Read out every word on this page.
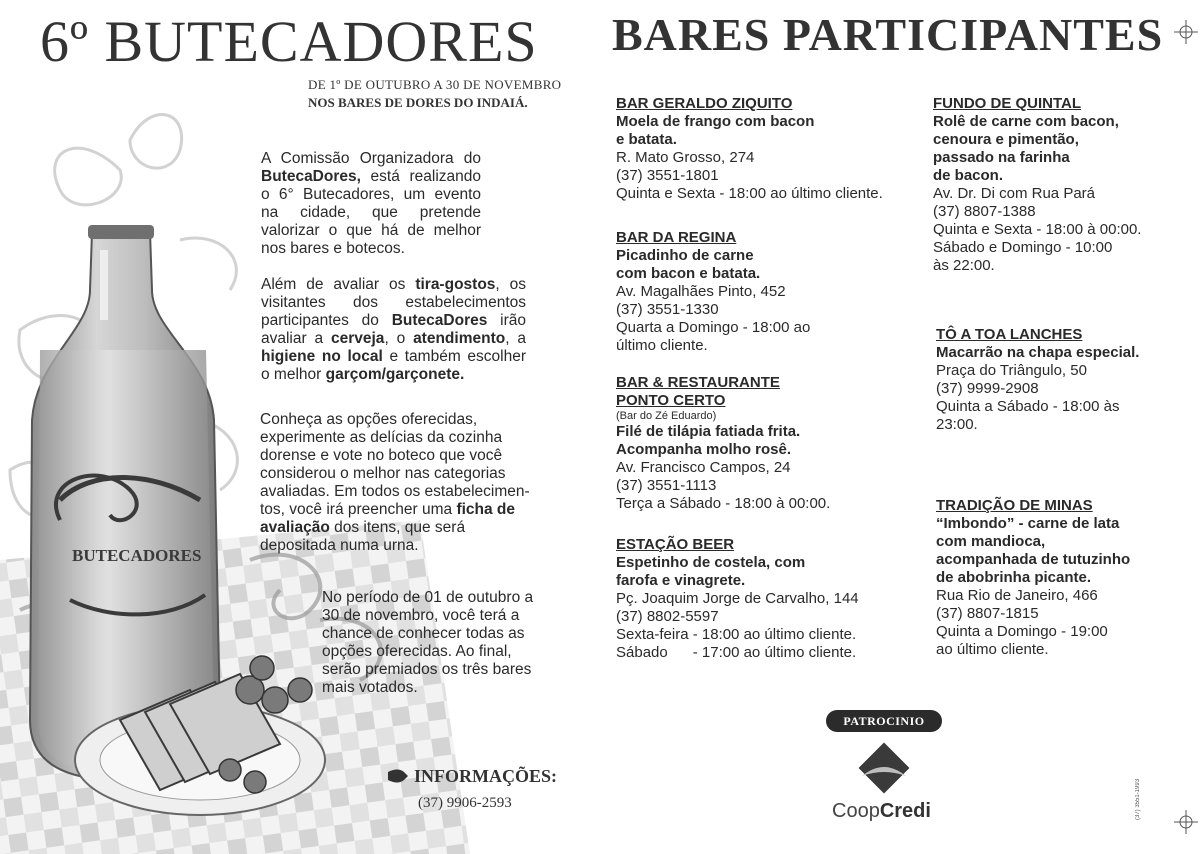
BUTECADORES
6º BUTECADORES
DE 1º DE OUTUBRO A 30 DE NOVEMBRO
NOS BARES DE DORES DO INDAIÁ.
A Comissão Organizadora do ButecaDores, está realizando o 6° Butecadores, um evento na cidade, que pretende valorizar o que há de melhor nos bares e botecos.
Além de avaliar os tira-gostos, os visitantes dos estabelecimentos participantes do ButecaDores irão avaliar a cerveja, o atendimento, a higiene no local e também escolher o melhor garçom/garçonete.
Conheça as opções oferecidas, experimente as delícias da cozinha dorense e vote no boteco que você considerou o melhor nas categorias avaliadas. Em todos os estabelecimen-tos, você irá preencher uma ficha de avaliação dos itens, que será depositada numa urna.
No período de 01 de outubro a 30 de novembro, você terá a chance de conhecer todas as opções oferecidas. Ao final, serão premiados os três bares mais votados.
INFORMAÇÕES:
(37) 9906-2593
BARES PARTICIPANTES
BAR GERALDO ZIQUITO
Moela de frango com bacon
e batata.
R. Mato Grosso, 274
(37) 3551-1801
Quinta e Sexta - 18:00 ao último cliente.
BAR DA REGINA
Picadinho de carne
com bacon e batata.
Av. Magalhães Pinto, 452
(37) 3551-1330
Quarta a Domingo - 18:00 ao
último cliente.
BAR & RESTAURANTE
PONTO CERTO
(Bar do Zé Eduardo)
Filé de tilápia fatiada frita.
Acompanha molho rosê.
Av. Francisco Campos, 24
(37) 3551-1113
Terça a Sábado - 18:00 à 00:00.
ESTAÇÃO BEER
Espetinho de costela, com
farofa e vinagrete.
Pç. Joaquim Jorge de Carvalho, 144
(37) 8802-5597
Sexta-feira - 18:00 ao último cliente.
Sábado      - 17:00 ao último cliente.
FUNDO DE QUINTAL
Rolê de carne com bacon,
cenoura e pimentão,
passado na farinha
de bacon.
Av. Dr. Di com Rua Pará
(37) 8807-1388
Quinta e Sexta - 18:00 à 00:00.
Sábado e Domingo - 10:00
às 22:00.
TÔ A TOA LANCHES
Macarrão na chapa especial.
Praça do Triângulo, 50
(37) 9999-2908
Quinta a Sábado - 18:00 às
23:00.
TRADIÇÃO DE MINAS
“Imbondo” - carne de lata
com mandioca,
acompanhada de tutuzinho
de abobrinha picante.
Rua Rio de Janeiro, 466
(37) 8807-1815
Quinta a Domingo - 19:00
ao último cliente.
PATROCINIO
CoopCredi	(37) 3551-1993
